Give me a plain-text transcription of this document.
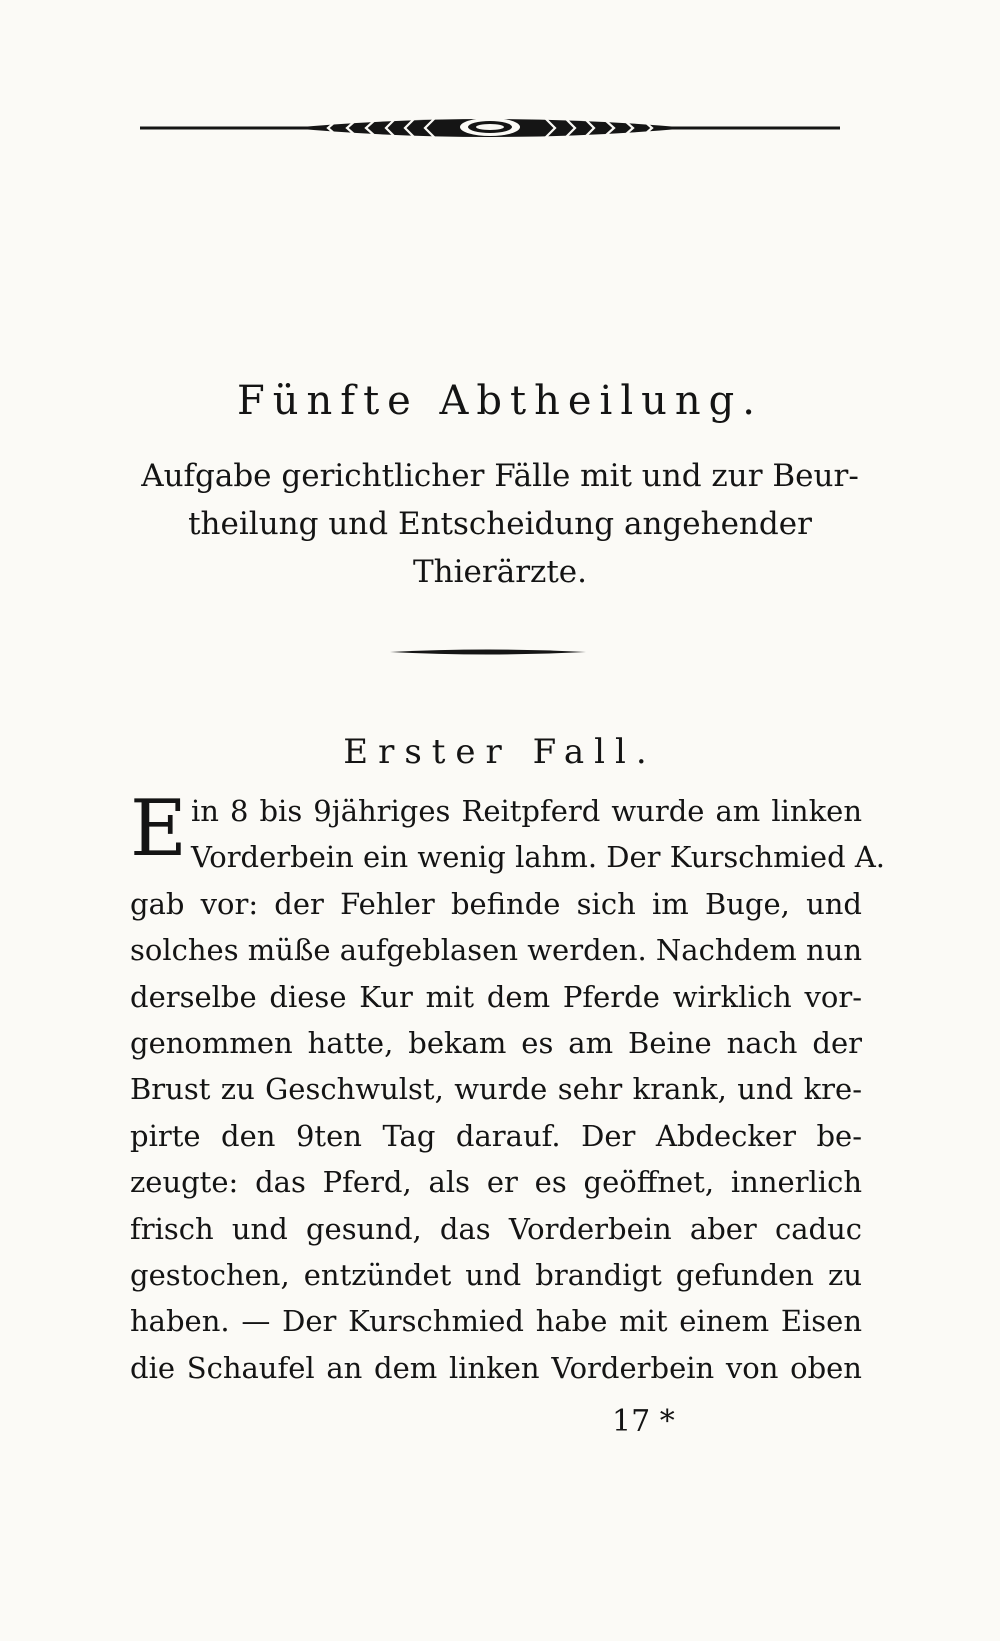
Fünfte Abtheilung.
Aufgabe gerichtlicher Fälle mit und zur Beur-
theilung und Entscheidung angehender
Thierärzte.
Erster Fall.
E in 8 bis 9jähriges Reitpferd wurde am linken
Vorderbein ein wenig lahm. Der Kurschmied A.
gab vor: der Fehler befinde sich im Buge, und
solches müße aufgeblasen werden. Nachdem nun
derselbe diese Kur mit dem Pferde wirklich vor-
genommen hatte, bekam es am Beine nach der
Brust zu Geschwulst, wurde sehr krank, und kre-
pirte den 9ten Tag darauf. Der Abdecker be-
zeugte: das Pferd, als er es geöffnet, innerlich
frisch und gesund, das Vorderbein aber caduc
gestochen, entzündet und brandigt gefunden zu
haben. — Der Kurschmied habe mit einem Eisen
die Schaufel an dem linken Vorderbein von oben
17 *
